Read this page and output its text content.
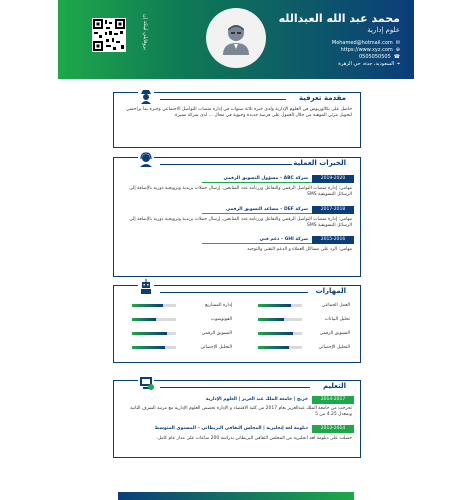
بروفايلي لينكد إن	محمد عبد الله العبدالله
علوم إدارية
Mohamed@hotmail.com ✉
https://www.xyz.com ⊕
0505050505 ☎
السعودية، جدة، حي الزهرة ⌖
مقدمة تعرفية
حاصل على بكالوريوس في العلوم الإدارية ولدي خبرة ثلاثة سنوات في إدارة منصات التواصل الاجتماعي وخبرة بما يزاحمني لتحويل مرئي الموهبة من خلال العمول على فرصة جديدة وحيوية في مجال ... لدى شركة مميزة.
الخبرات العملية
2019-2020
شركة ABC – مسؤول التسويق الرقمي
مهامي: إدارة منصات التواصل الرقمي والتفاعل ورزنامه عدد المتابعين. إرسال حملات بريدية وترويجية دورية بالإضافة إلى الرسائل التسويقية SMS
2017-2018
شركة DEF – مساعد التسويق الرقمي
مهامي: إدارة منصات التواصل الرقمي والتفاعل ورزنامه عدد المتابعين. إرسال حملات بريدية وترويجية دورية بالإضافة إلى الرسائل التسويقية SMS
2015-2016
شركة GHI – دعم فني
مهامي: الرد على مشاكل العملاء و الدعم التقني والتوجيه
المهارات
العمل الجماعي
تحليل البيانات
التسويق الرقمي
التحليل الإحصائي
إدارة المشاريع
الفوتوشوب
التسويق الرقمي
التحليل الإحصائي
التعليم
2014-2017
خريج | جامعة الملك عبد العزيز | العلوم الإدارية
تخرجت من جامعة الملك عبدالعزيز بعام 2017 من كلية الاقتصاد و الإدارة تخصص العلوم الإدارية مع مرتبة الشرف الثانية وبمعدل 4.25 من 5
2013-2014
دبلومة لغة إنجليزية | المجلس الثقافي البريطاني – المستوى المتوسط
حصلت على دبلومة لغة انجليزية من المجلس الثقافي البريطاني بدراسة 200 ساعات على مدار عام كامل.
